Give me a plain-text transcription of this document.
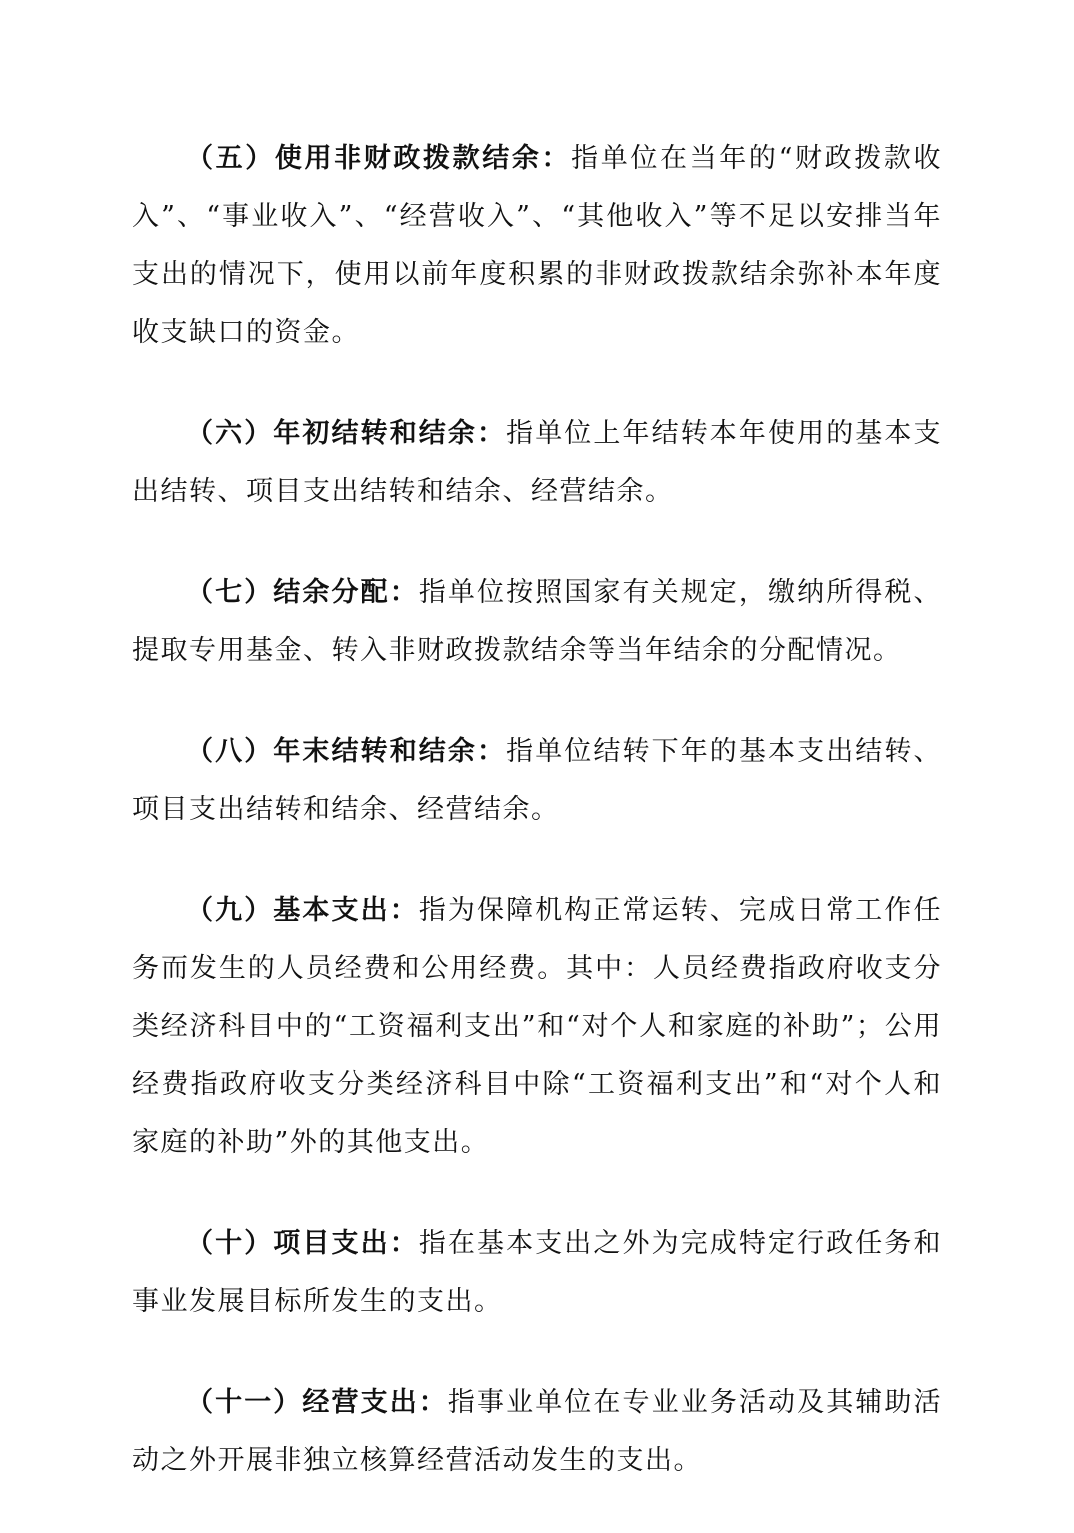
（五）使用非财政拨款结余：指单位在当年的“财政拨款收入”、“事业收入”、“经营收入”、“其他收入”等不足以安排当年支出的情况下，使用以前年度积累的非财政拨款结余弥补本年度收支缺口的资金。

（六）年初结转和结余：指单位上年结转本年使用的基本支出结转、项目支出结转和结余、经营结余。

（七）结余分配：指单位按照国家有关规定，缴纳所得税、提取专用基金、转入非财政拨款结余等当年结余的分配情况。

（八）年末结转和结余：指单位结转下年的基本支出结转、项目支出结转和结余、经营结余。

（九）基本支出：指为保障机构正常运转、完成日常工作任务而发生的人员经费和公用经费。其中：人员经费指政府收支分类经济科目中的“工资福利支出”和“对个人和家庭的补助”；公用经费指政府收支分类经济科目中除“工资福利支出”和“对个人和家庭的补助”外的其他支出。

（十）项目支出：指在基本支出之外为完成特定行政任务和事业发展目标所发生的支出。

（十一）经营支出：指事业单位在专业业务活动及其辅助活动之外开展非独立核算经营活动发生的支出。
